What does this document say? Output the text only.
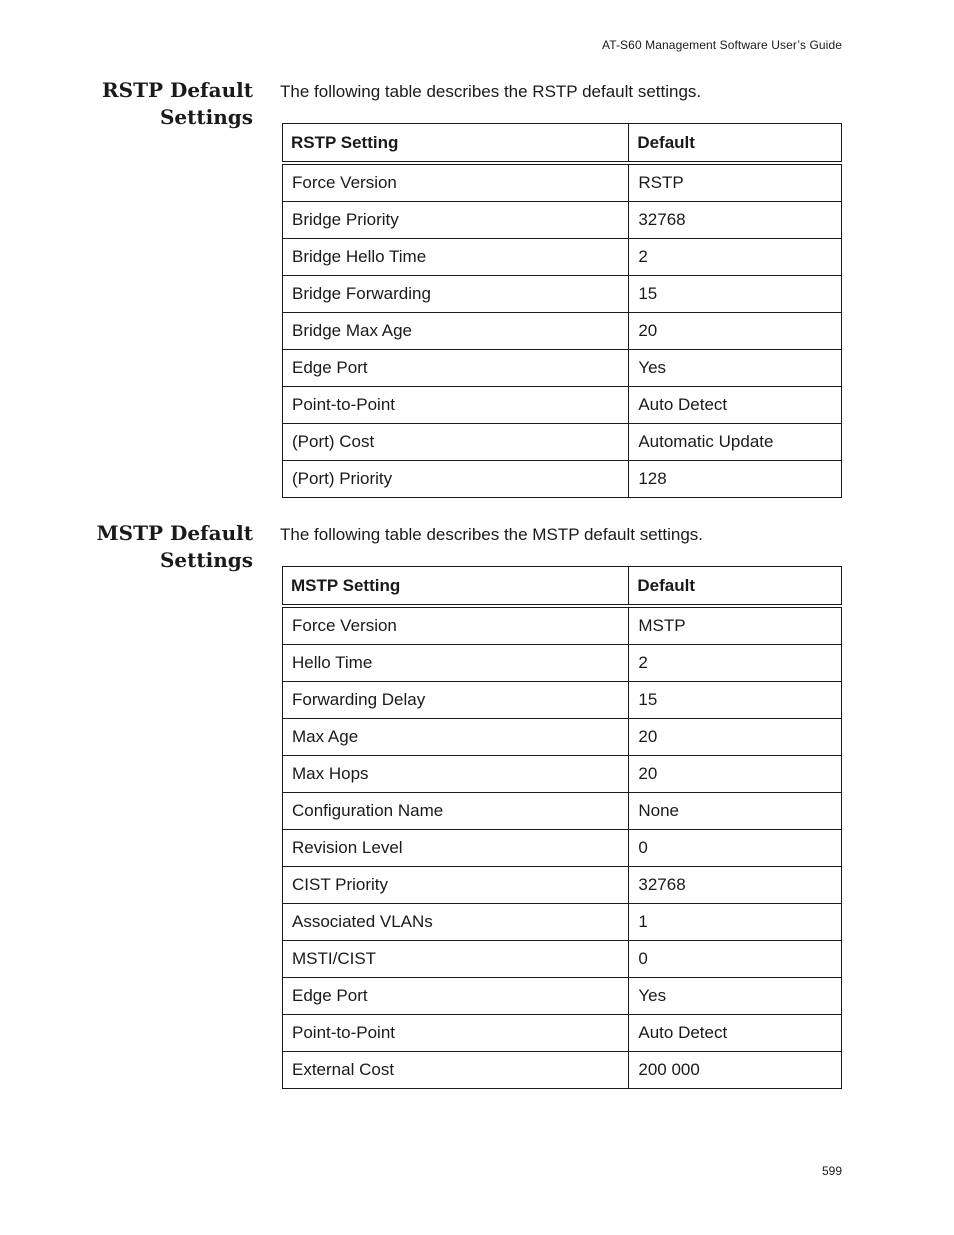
AT-S60 Management Software User’s Guide
RSTP Default
Settings

The following table describes the RSTP default settings.

RSTP Setting	Default
Force Version	RSTP
Bridge Priority	32768
Bridge Hello Time	2
Bridge Forwarding	15
Bridge Max Age	20
Edge Port	Yes
Point-to-Point	Auto Detect
(Port) Cost	Automatic Update
(Port) Priority	128
MSTP Default
Settings

The following table describes the MSTP default settings.

MSTP Setting	Default
Force Version	MSTP
Hello Time	2
Forwarding Delay	15
Max Age	20
Max Hops	20
Configuration Name	None
Revision Level	0
CIST Priority	32768
Associated VLANs	1
MSTI/CIST	0
Edge Port	Yes
Point-to-Point	Auto Detect
External Cost	200 000
599
